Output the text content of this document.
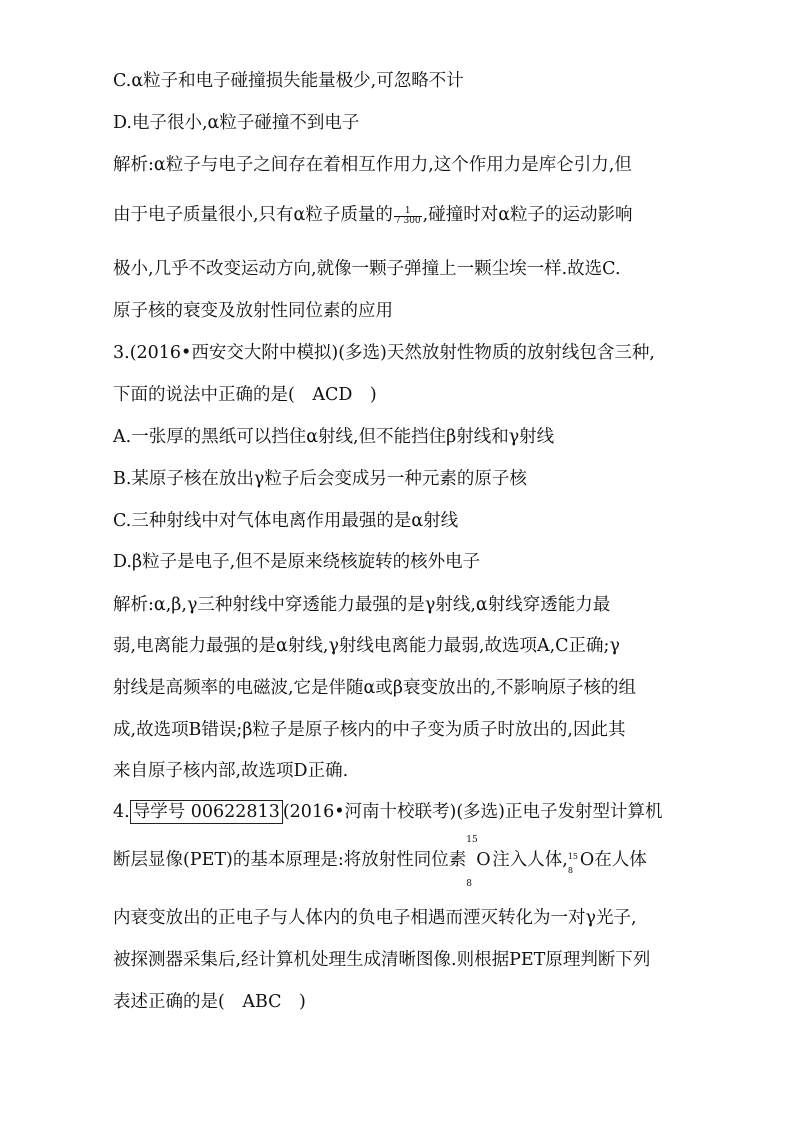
C.α粒子和电子碰撞损失能量极少,可忽略不计
D.电子很小,α粒子碰撞不到电子
解析:α粒子与电子之间存在着相互作用力,这个作用力是库仑引力,但
由于电子质量很小,只有α粒子质量的 $\frac{1}{7 300}$ ,碰撞时对α粒子的运动影响
极小,几乎不改变运动方向,就像一颗子弹撞上一颗尘埃一样.故选C.
原子核的衰变及放射性同位素的应用
3.(2016•西安交大附中模拟)(多选)天然放射性物质的放射线包含三种,
下面的说法中正确的是(　ACD　)
A.一张厚的黑纸可以挡住α射线,但不能挡住β射线和γ射线
B.某原子核在放出γ粒子后会变成另一种元素的原子核
C.三种射线中对气体电离作用最强的是α射线
D.β粒子是电子,但不是原来绕核旋转的核外电子
解析:α,β,γ三种射线中穿透能力最强的是γ射线,α射线穿透能力最
弱,电离能力最强的是α射线,γ射线电离能力最弱,故选项A,C正确;γ
射线是高频率的电磁波,它是伴随α或β衰变放出的,不影响原子核的组
成,故选项B错误;β粒子是原子核内的中子变为质子时放出的,因此其
来自原子核内部,故选项D正确.
4. 导学号 00622813 (2016•河南十校联考)(多选)正电子发射型计算机
断层显像(PET)的基本原理是:将放射性同位素
15
O
8
注入人体, 15
8
O在人体
内衰变放出的正电子与人体内的负电子相遇而湮灭转化为一对γ光子,
被探测器采集后,经计算机处理生成清晰图像.则根据PET原理判断下列
表述正确的是(　ABC　)
